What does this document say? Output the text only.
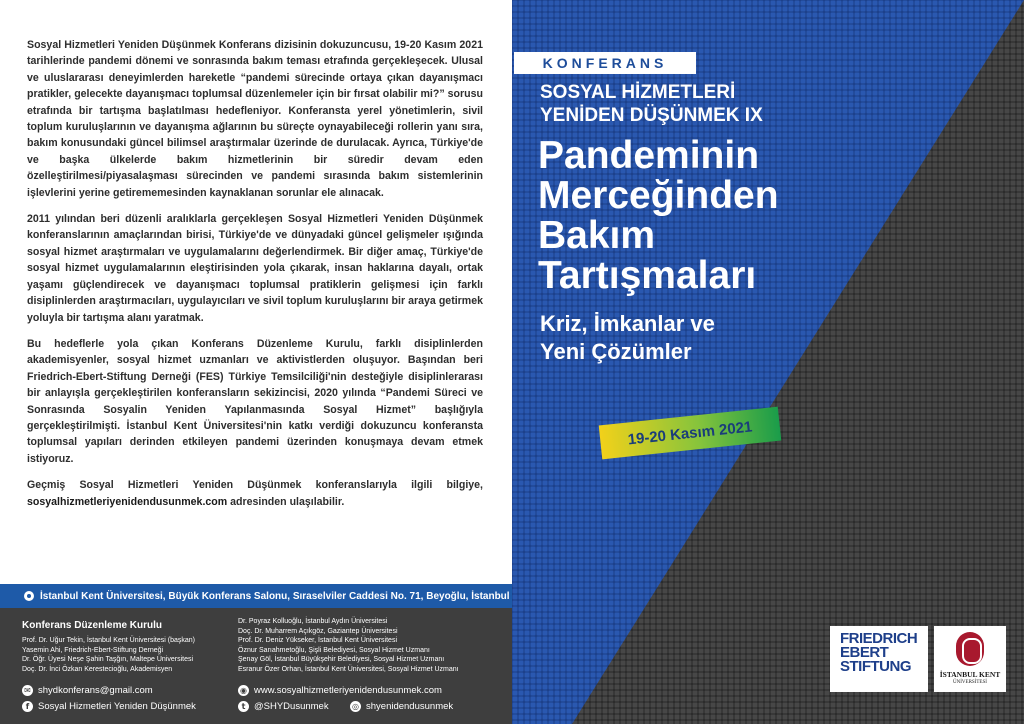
Sosyal Hizmetleri Yeniden Düşünmek Konferans dizisinin dokuzuncusu, 19-20 Kasım 2021 tarihlerinde pandemi dönemi ve sonrasında bakım teması etrafında gerçekleşecek. Ulusal ve uluslararası deneyimlerden hareketle “pandemi sürecinde ortaya çıkan dayanışmacı pratikler, gelecekte dayanışmacı toplumsal düzenlemeler için bir fırsat olabilir mi?” sorusu etrafında bir tartışma başlatılması hedefleniyor. Konferansta yerel yönetimlerin, sivil toplum kuruluşlarının ve dayanışma ağlarının bu süreçte oynayabileceği rollerin yanı sıra, bakım konusundaki güncel bilimsel araştırmalar üzerinde de durulacak. Ayrıca, Türkiye'de ve başka ülkelerde bakım hizmetlerinin bir süredir devam eden özelleştirilmesi/piyasalaşması sürecinden ve pandemi sırasında bakım sistemlerinin işlevlerini yerine getirememesinden kaynaklanan sorunlar ele alınacak.

2011 yılından beri düzenli aralıklarla gerçekleşen Sosyal Hizmetleri Yeniden Düşünmek konferanslarının amaçlarından birisi, Türkiye'de ve dünyadaki güncel gelişmeler ışığında sosyal hizmet araştırmaları ve uygulamalarını değerlendirmek. Bir diğer amaç, Türkiye'de sosyal hizmet uygulamalarının eleştirisinden yola çıkarak, insan haklarına dayalı, ortak yaşamı güçlendirecek ve dayanışmacı toplumsal pratiklerin gelişmesi için farklı disiplinlerden araştırmacıları, uygulayıcıları ve sivil toplum kuruluşlarını bir araya getirmek yoluyla bir tartışma alanı yaratmak.

Bu hedeflerle yola çıkan Konferans Düzenleme Kurulu, farklı disiplinlerden akademisyenler, sosyal hizmet uzmanları ve aktivistlerden oluşuyor. Başından beri Friedrich-Ebert-Stiftung Derneği (FES) Türkiye Temsilciliği'nin desteğiyle disiplinlerarası bir anlayışla gerçekleştirilen konferansların sekizincisi, 2020 yılında “Pandemi Süreci ve Sonrasında Sosyalin Yeniden Yapılanmasında Sosyal Hizmet” başlığıyla gerçekleştirilmişti. İstanbul Kent Üniversitesi'nin katkı verdiği dokuzuncu konferansta toplumsal yapıları derinden etkileyen pandemi üzerinden konuşmaya devam etmek istiyoruz.

Geçmiş Sosyal Hizmetleri Yeniden Düşünmek konferanslarıyla ilgili bilgiye, sosyalhizmetleriyenidendusunmek.com adresinden ulaşılabilir.

İstanbul Kent Üniversitesi, Büyük Konferans Salonu, Sıraselviler Caddesi No. 71, Beyoğlu, İstanbul
Konferans Düzenleme Kurulu
Prof. Dr. Uğur Tekin, İstanbul Kent Üniversitesi (başkan)
Yasemin Ahi, Friedrich-Ebert-Stiftung Derneği
Dr. Öğr. Üyesi Neşe Şahin Taşğın, Maltepe Üniversitesi
Doç. Dr. İnci Özkan Kerestecioğlu, Akademisyen
Dr. Poyraz Kolluoğlu, İstanbul Aydın Üniversitesi
Doç. Dr. Muharrem Açıkgöz, Gaziantep Üniversitesi
Prof. Dr. Deniz Yükseker, İstanbul Kent Üniversitesi
Öznur Sarıahmetoğlu, Şişli Belediyesi, Sosyal Hizmet Uzmanı
Şenay Göl, İstanbul Büyükşehir Belediyesi, Sosyal Hizmet Uzmanı
Esranur Özer Orhan, İstanbul Kent Üniversitesi, Sosyal Hizmet Uzmanı
✉ shydkonferans@gmail.com
f Sosyal Hizmetleri Yeniden Düşünmek
◉ www.sosyalhizmetleriyenidendusunmek.com
t @SHYDusunmek	◎ shyenidendusunmek
KONFERANS
SOSYAL HİZMETLERİ
YENİDEN DÜŞÜNMEK IX
Pandeminin
Merceğinden
Bakım
Tartışmaları
Kriz, İmkanlar ve
Yeni Çözümler
19-20 Kasım 2021
FRIEDRICH
EBERT
STIFTUNG	İSTANBUL KENT
ÜNİVERSİTESİ
